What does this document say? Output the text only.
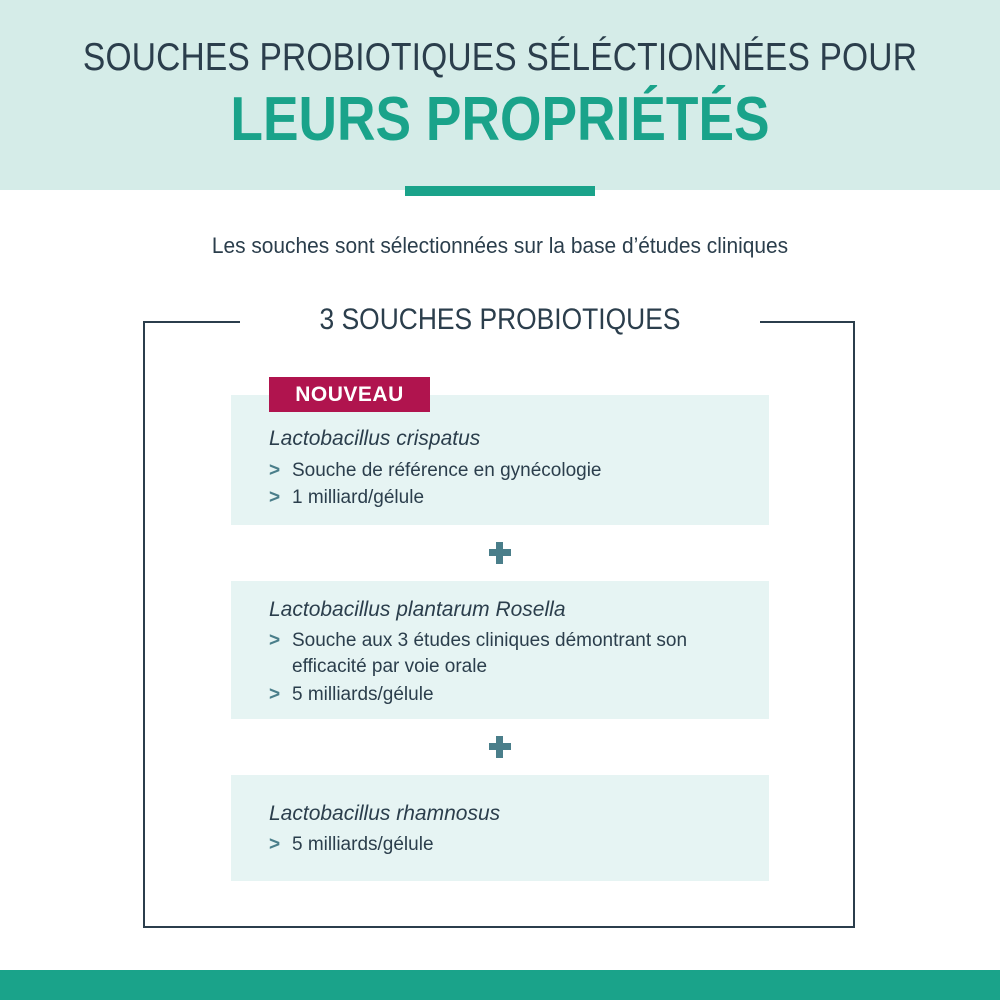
SOUCHES PROBIOTIQUES SÉLÉCTIONNÉES POUR
LEURS PROPRIÉTÉS
Les souches sont sélectionnées sur la base d’études cliniques
3 SOUCHES PROBIOTIQUES
Lactobacillus crispatus
> Souche de référence en gynécologie
> 1 milliard/gélule
NOUVEAU
Lactobacillus plantarum Rosella
> Souche aux 3 études cliniques démontrant son efficacité par voie orale
> 5 milliards/gélule
Lactobacillus rhamnosus
> 5 milliards/gélule
